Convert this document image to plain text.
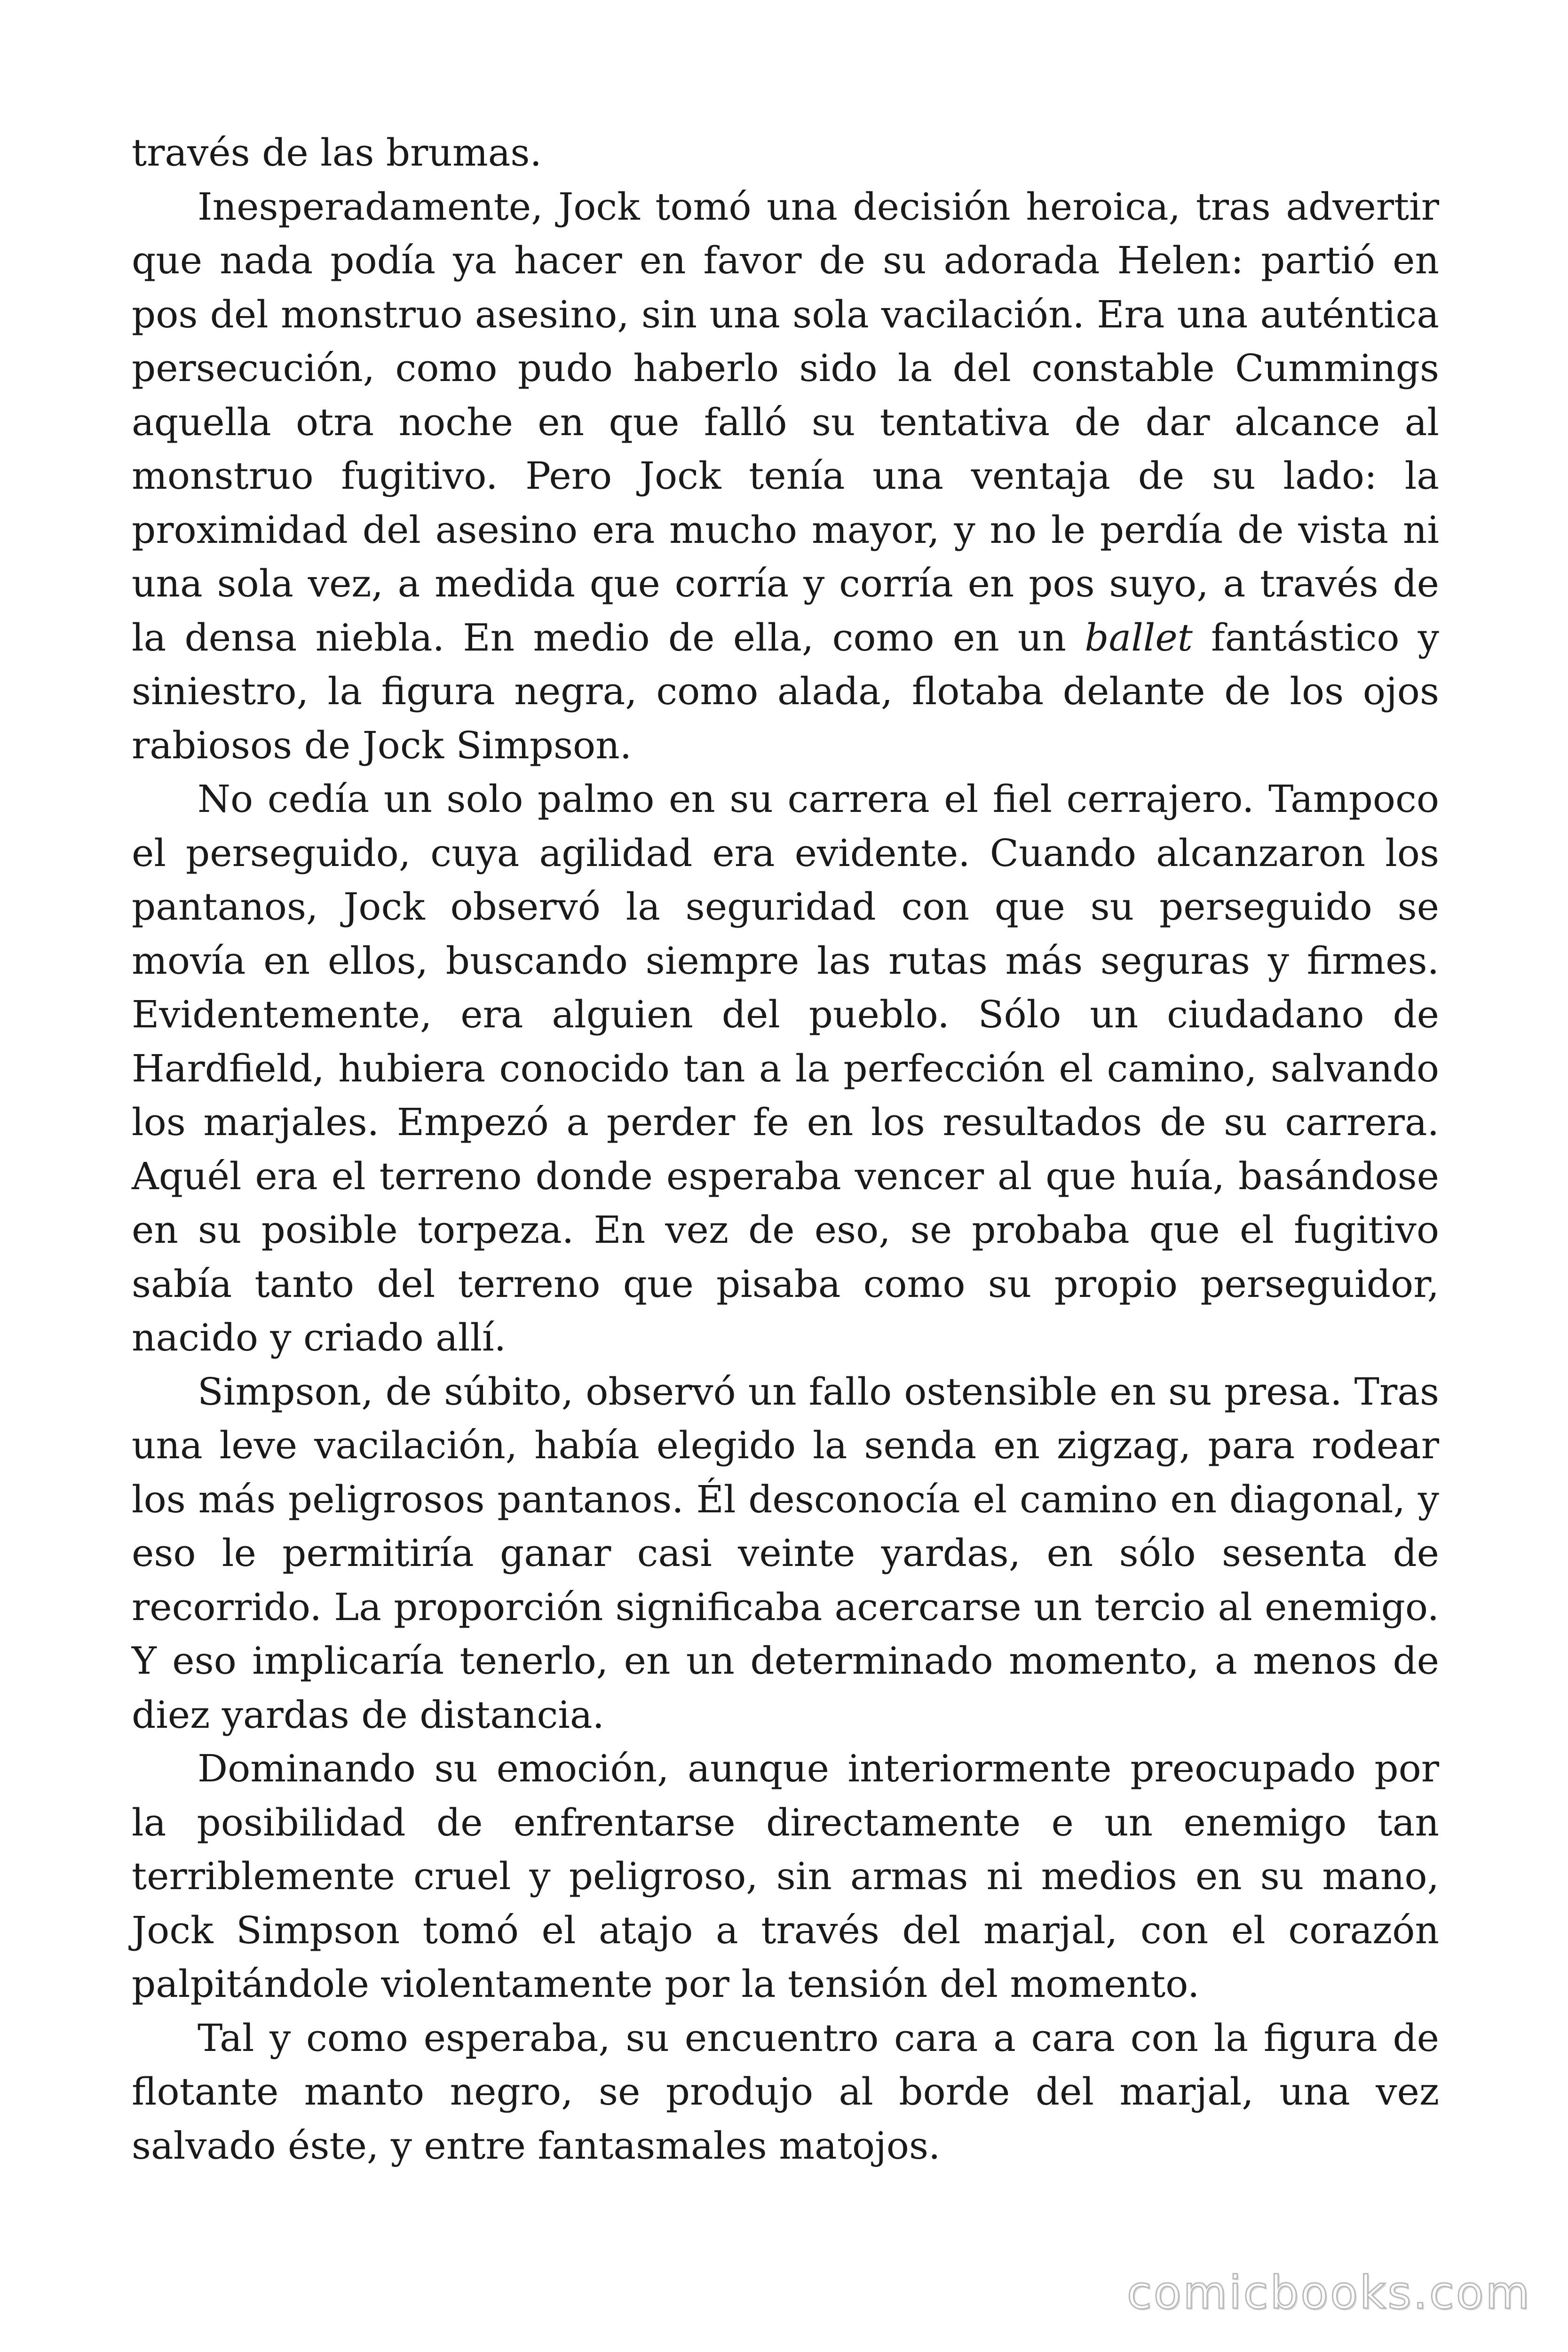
través de las brumas.

Inesperadamente, Jock tomó una decisión heroica, tras advertir que nada podía ya hacer en favor de su adorada Helen: partió en pos del monstruo asesino, sin una sola vacilación. Era una auténtica persecución, como pudo haberlo sido la del constable Cummings aquella otra noche en que falló su tentativa de dar alcance al monstruo fugitivo. Pero Jock tenía una ventaja de su lado: la proximidad del asesino era mucho mayor, y no le perdía de vista ni una sola vez, a medida que corría y corría en pos suyo, a través de la densa niebla. En medio de ella, como en un ballet fantástico y siniestro, la figura negra, como alada, flotaba delante de los ojos rabiosos de Jock Simpson.

No cedía un solo palmo en su carrera el fiel cerrajero. Tampoco el perseguido, cuya agilidad era evidente. Cuando alcanzaron los pantanos, Jock observó la seguridad con que su perseguido se movía en ellos, buscando siempre las rutas más seguras y firmes. Evidentemente, era alguien del pueblo. Sólo un ciudadano de Hardfield, hubiera conocido tan a la perfección el camino, salvando los marjales. Empezó a perder fe en los resultados de su carrera. Aquél era el terreno donde esperaba vencer al que huía, basándose en su posible torpeza. En vez de eso, se probaba que el fugitivo sabía tanto del terreno que pisaba como su propio perseguidor, nacido y criado allí.

Simpson, de súbito, observó un fallo ostensible en su presa. Tras una leve vacilación, había elegido la senda en zigzag, para rodear los más peligrosos pantanos. Él desconocía el camino en diagonal, y eso le permitiría ganar casi veinte yardas, en sólo sesenta de recorrido. La proporción significaba acercarse un tercio al enemigo. Y eso implicaría tenerlo, en un determinado momento, a menos de diez yardas de distancia.

Dominando su emoción, aunque interiormente preocupado por la posibilidad de enfrentarse directamente e un enemigo tan terriblemente cruel y peligroso, sin armas ni medios en su mano, Jock Simpson tomó el atajo a través del marjal, con el corazón palpitándole violentamente por la tensión del momento.

Tal y como esperaba, su encuentro cara a cara con la figura de flotante manto negro, se produjo al borde del marjal, una vez salvado éste, y entre fantasmales matojos.

comicbooks.com
